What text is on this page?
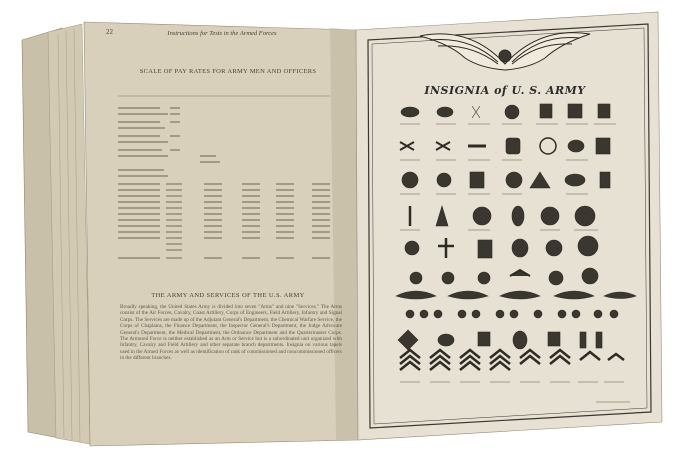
22	Instructions for Tests in the Armed Forces
SCALE OF PAY RATES FOR ARMY MEN AND OFFICERS
THE ARMY AND SERVICES OF THE U.S. ARMY
Broadly speaking, the United States Army is divided into seven "Arms" and nine "Services." The Arms consist of the Air Forces, Cavalry, Coast Artillery, Corps of Engineers, Field Artillery, Infantry and Signal Corps. The Services are made up of the Adjutant General's Department, the Chemical Warfare Service, the Corps of Chaplains, the Finance Department, the Inspector General's Department, the Judge Advocate General's Department, the Medical Department, the Ordnance Department and the Quartermaster Corps. The Armored Force is neither established as an Arm or Service but is a subordinated unit organized with Infantry, Cavalry and Field Artillery and other separate branch departments. Insignia on various lapels used in the Armed Forces as well as identification of rank of commissioned and noncommissioned officers in the different branches.
INSIGNIA of U. S. ARMY
